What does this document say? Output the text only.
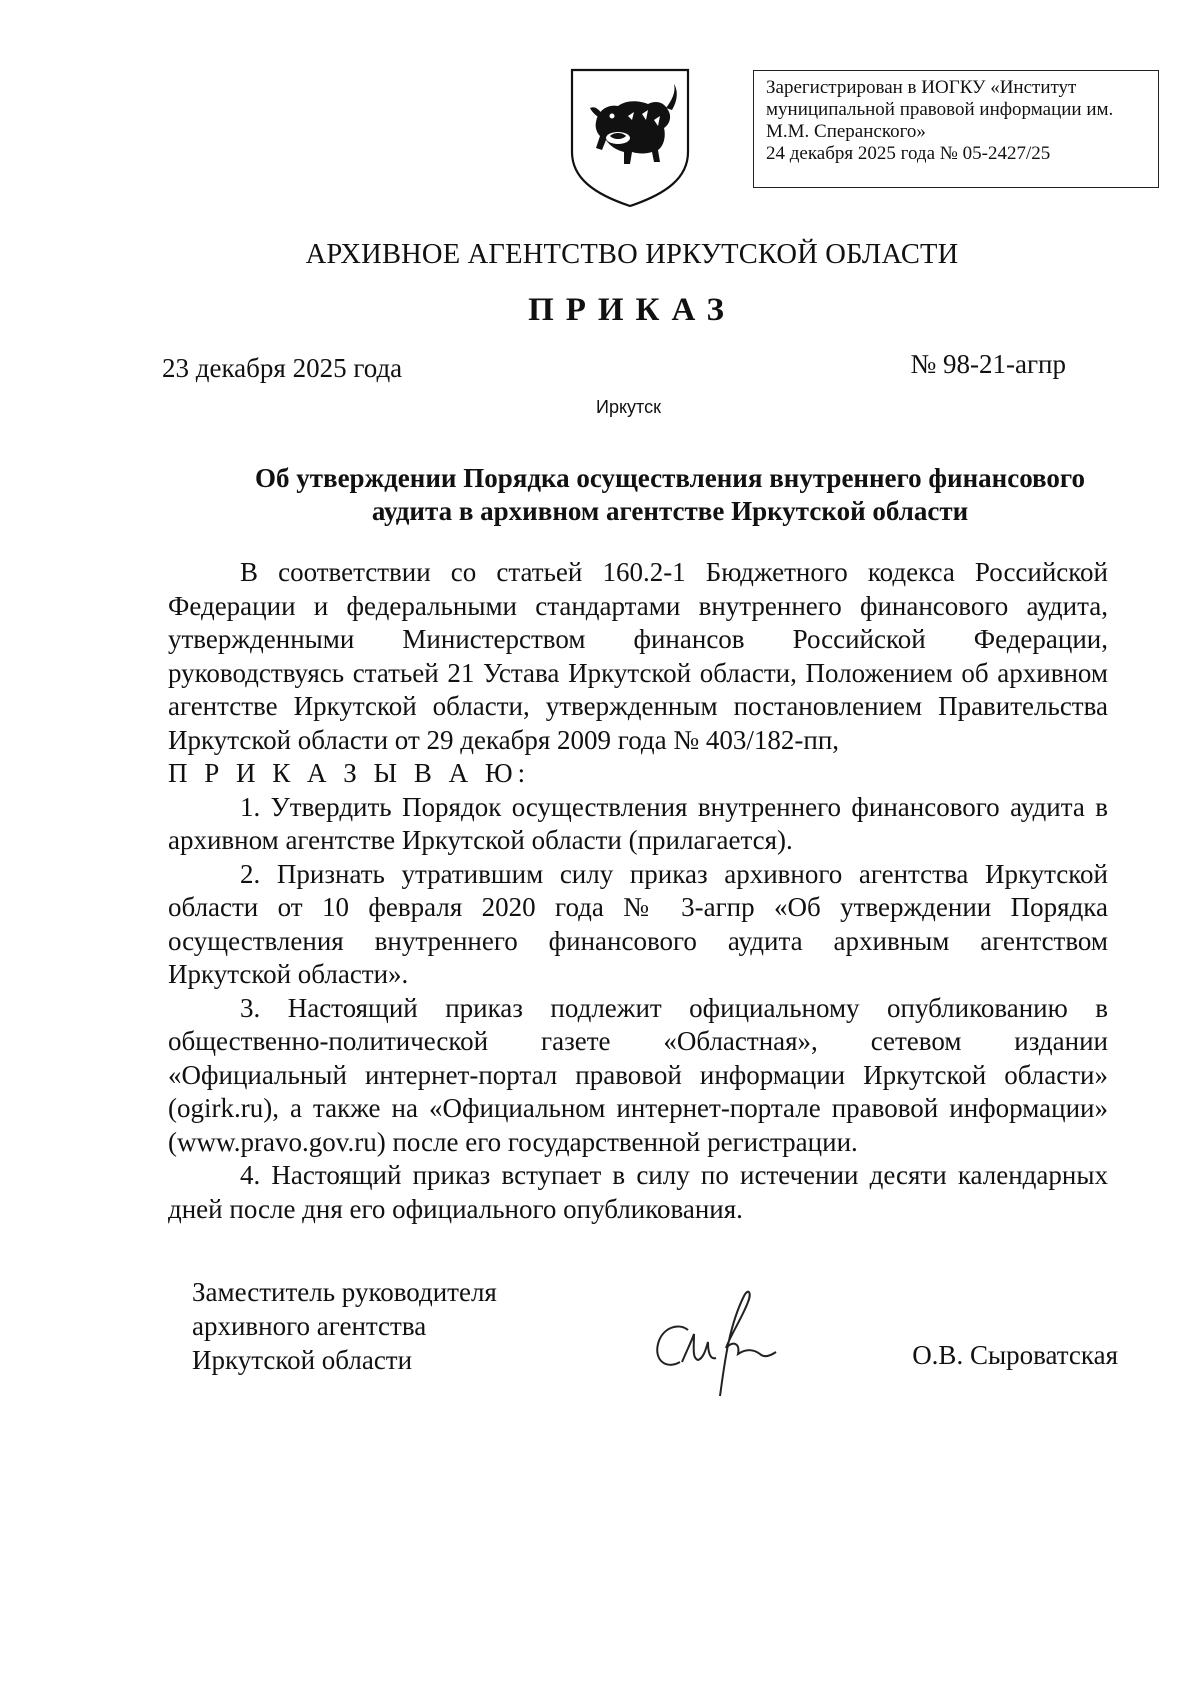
Зарегистрирован в ИОГКУ «Институт
муниципальной правовой информации им.
М.М. Сперанского»
24 декабря 2025 года № 05-2427/25
АРХИВНОЕ АГЕНТСТВО ИРКУТСКОЙ ОБЛАСТИ
ПРИКАЗ
23 декабря 2025 года	№ 98-21-агпр
Иркутск
Об утверждении Порядка осуществления внутреннего финансового
аудита в архивном агентстве Иркутской области

В соответствии со статьей 160.2-1 Бюджетного кодекса Российской Федерации и федеральными стандартами внутреннего финансового аудита, утвержденными Министерством финансов Российской Федерации, руководствуясь статьей 21 Устава Иркутской области, Положением об архивном агентстве Иркутской области, утвержденным постановлением Правительства Иркутской области от 29 декабря 2009 года № 403/182-пп,

П Р И К А З Ы В А Ю:

1. Утвердить Порядок осуществления внутреннего финансового аудита в архивном агентстве Иркутской области (прилагается).

2. Признать утратившим силу приказ архивного агентства Иркутской области от 10 февраля 2020 года № 3-агпр «Об утверждении Порядка осуществления внутреннего финансового аудита архивным агентством Иркутской области».

3. Настоящий приказ подлежит официальному опубликованию в общественно-политической газете «Областная», сетевом издании «Официальный интернет-портал правовой информации Иркутской области» (ogirk.ru), а также на «Официальном интернет-портале правовой информации» (www.pravo.gov.ru) после его государственной регистрации.

4. Настоящий приказ вступает в силу по истечении десяти календарных дней после дня его официального опубликования.

Заместитель руководителя
архивного агентства
Иркутской области	О.В. Сыроватская
